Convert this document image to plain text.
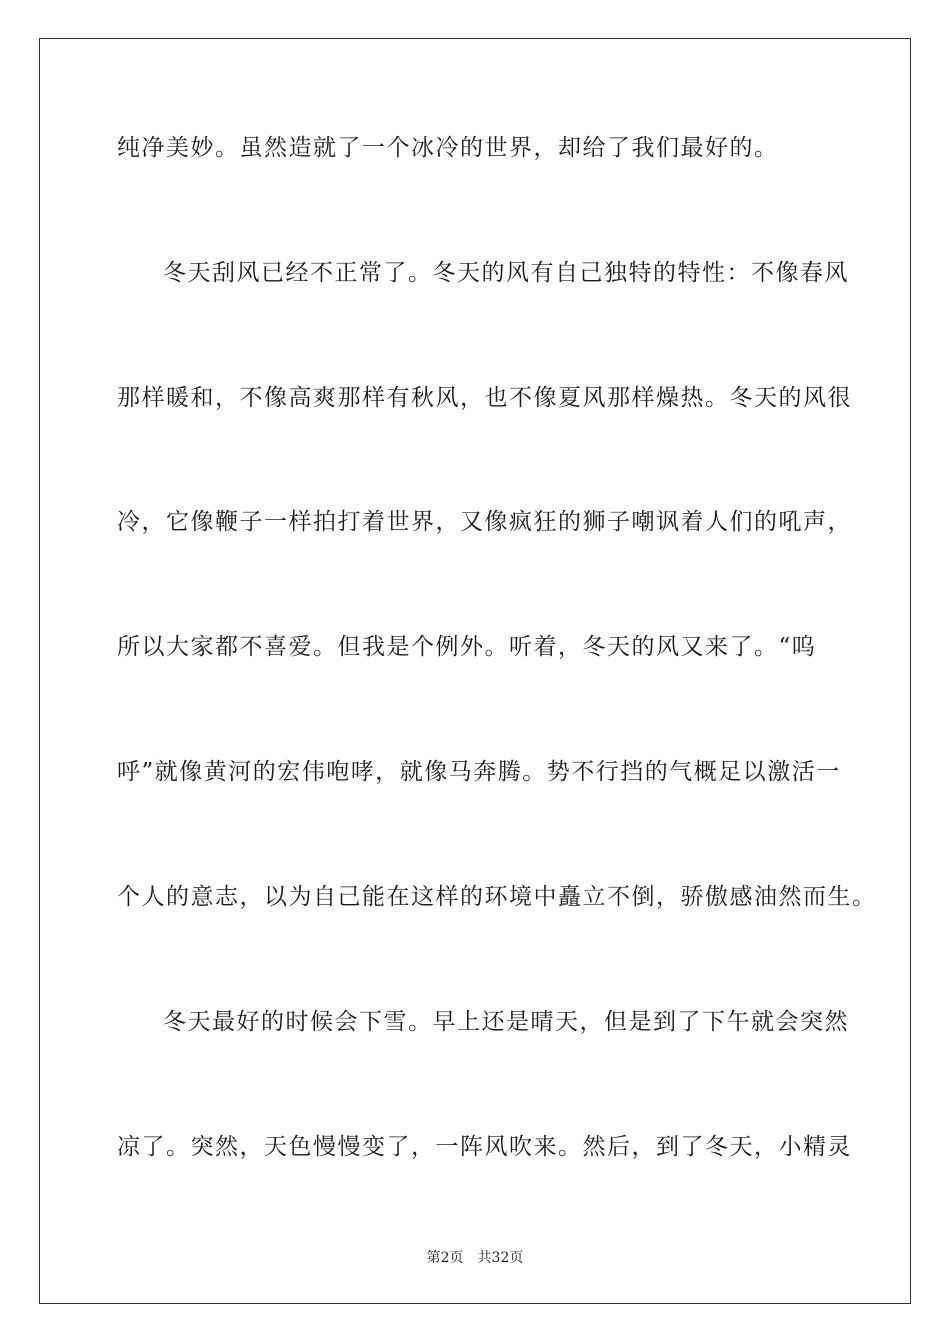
纯净美妙。虽然造就了一个冰冷的世界，却给了我们最好的。
冬天刮风已经不正常了。冬天的风有自己独特的特性：不像春风
那样暖和，不像高爽那样有秋风，也不像夏风那样燥热。冬天的风很
冷，它像鞭子一样拍打着世界，又像疯狂的狮子嘲讽着人们的吼声，
所以大家都不喜爱。但我是个例外。听着，冬天的风又来了。“呜
呼”就像黄河的宏伟咆哮，就像马奔腾。势不行挡的气概足以激活一
个人的意志，以为自己能在这样的环境中矗立不倒，骄傲感油然而生。
冬天最好的时候会下雪。早上还是晴天，但是到了下午就会突然
凉了。突然，天色慢慢变了，一阵风吹来。然后，到了冬天，小精灵
第2页 共32页
